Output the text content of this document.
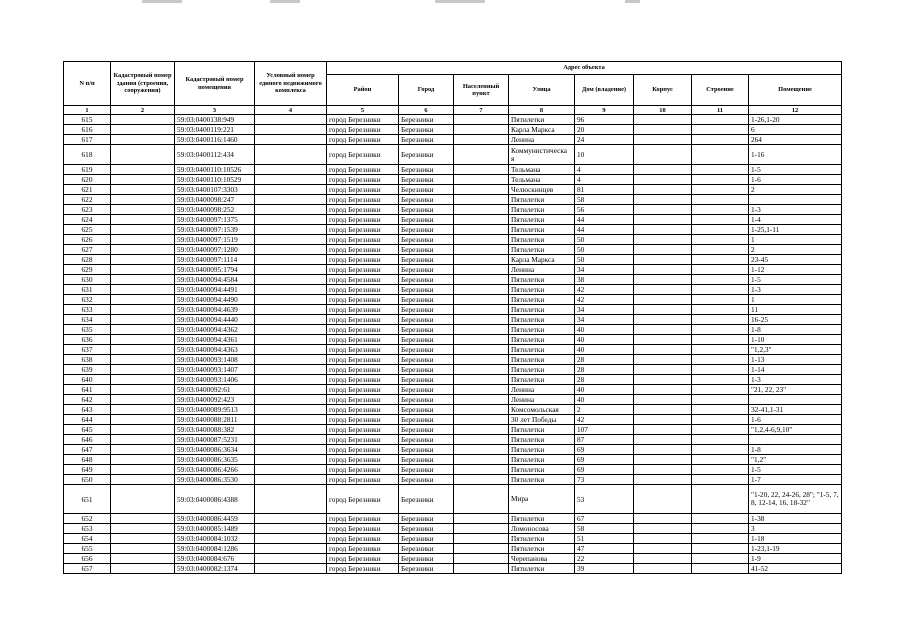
N п/п	Кадастровый номер здания (строения, сооружения)	Кадастровый номер помещения	Условный номер единого недвижимого комплекса	Адрес объекта							
				Район	Город	Населенный пункт	Улица	Дом (владение)	Корпус	Строение	Помещение
1	2	3	4	5	6	7	8	9	10	11	12
615		59:03:0400138:949		город Березники	Березники		Пятилетки	96			1-26,1-20
616		59:03:0400119:221		город Березники	Березники		Карла Маркса	20			6
617		59:03:0400116:1460		город Березники	Березники		Ленина	24			264
618		59:03:0400112:434		город Березники	Березники		Коммунистическа я	10			1-16
619		59:03:0400110:10526		город Березники	Березники		Тельмана	4			1-5
620		59:03:0400110:10529		город Березники	Березники		Тельмана	4			1-6
621		59:03:0400107:3303		город Березники	Березники		Челюскинцев	81			2
622		59:03:0400098:247		город Березники	Березники		Пятилетки	58			
623		59:03:0400098:252		город Березники	Березники		Пятилетки	56			1-3
624		59:03:0400097:1375		город Березники	Березники		Пятилетки	44			1-4
625		59:03:0400097:1539		город Березники	Березники		Пятилетки	44			1-25,1-11
626		59:03:0400097:1519		город Березники	Березники		Пятилетки	50			1
627		59:03:0400097:1280		город Березники	Березники		Пятилетки	50			2
628		59:03:0400097:1114		город Березники	Березники		Карла Маркса	50			23-45
629		59:03:0400095:1794		город Березники	Березники		Ленина	34			1-12
630		59:03:0400094:4584		город Березники	Березники		Пятилетки	38			1-5
631		59:03:0400094:4491		город Березники	Березники		Пятилетки	42			1-3
632		59:03:0400094:4490		город Березники	Березники		Пятилетки	42			1
633		59:03:0400094:4639		город Березники	Березники		Пятилетки	34			11
634		59:03:0400094:4440		город Березники	Березники		Пятилетки	34			16-25
635		59:03:0400094:4362		город Березники	Березники		Пятилетки	40			1-8
636		59:03:0400094:4361		город Березники	Березники		Пятилетки	40			1-10
637		59:03:0400094:4363		город Березники	Березники		Пятилетки	40			"1,2,3"
638		59:03:0400093:1408		город Березники	Березники		Пятилетки	28			1-13
639		59:03:0400093:1407		город Березники	Березники		Пятилетки	28			1-14
640		59:03:0400093:1406		город Березники	Березники		Пятилетки	28			1-3
641		59:03:0400092:61		город Березники	Березники		Ленина	40			"21, 22, 23"
642		59:03:0400092:423		город Березники	Березники		Ленина	40			
643		59:03:0400089:9513		город Березники	Березники		Комсомольская	2			32-41,1-31
644		59:03:0400088:2811		город Березники	Березники		30 лет Победы	42			1-6
645		59:03:0400088:382		город Березники	Березники		Пятилетки	107			"1,2,4-6,9,10"
646		59:03:0400087:5231		город Березники	Березники		Пятилетки	87			
647		59:03:0400086:3634		город Березники	Березники		Пятилетки	69			1-8
648		59:03:0400086:3635		город Березники	Березники		Пятилетки	69			"1,2"
649		59:03:0400086:4266		город Березники	Березники		Пятилетки	69			1-5
650		59:03:0400086:3530		город Березники	Березники		Пятилетки	73			1-7
651		59:03:0400086:4388		город Березники	Березники		Мира	53			"1-20, 22, 24-26, 28"; "1-5, 7, 8, 12-14, 16, 18-32"
652		59:03:0400086:4459		город Березники	Березники		Пятилетки	67			1-38
653		59:03:0400085:1489		город Березники	Березники		Ломоносова	58			3
654		59:03:0400084:1032		город Березники	Березники		Пятилетки	51			1-18
655		59:03:0400084:1286		город Березники	Березники		Пятилетки	47			1-23,1-19
656		59:03:0400084:676		город Березники	Березники		Черепанова	22			1-9
657		59:03:0400082:1374		город Березники	Березники		Пятилетки	39			41-52
